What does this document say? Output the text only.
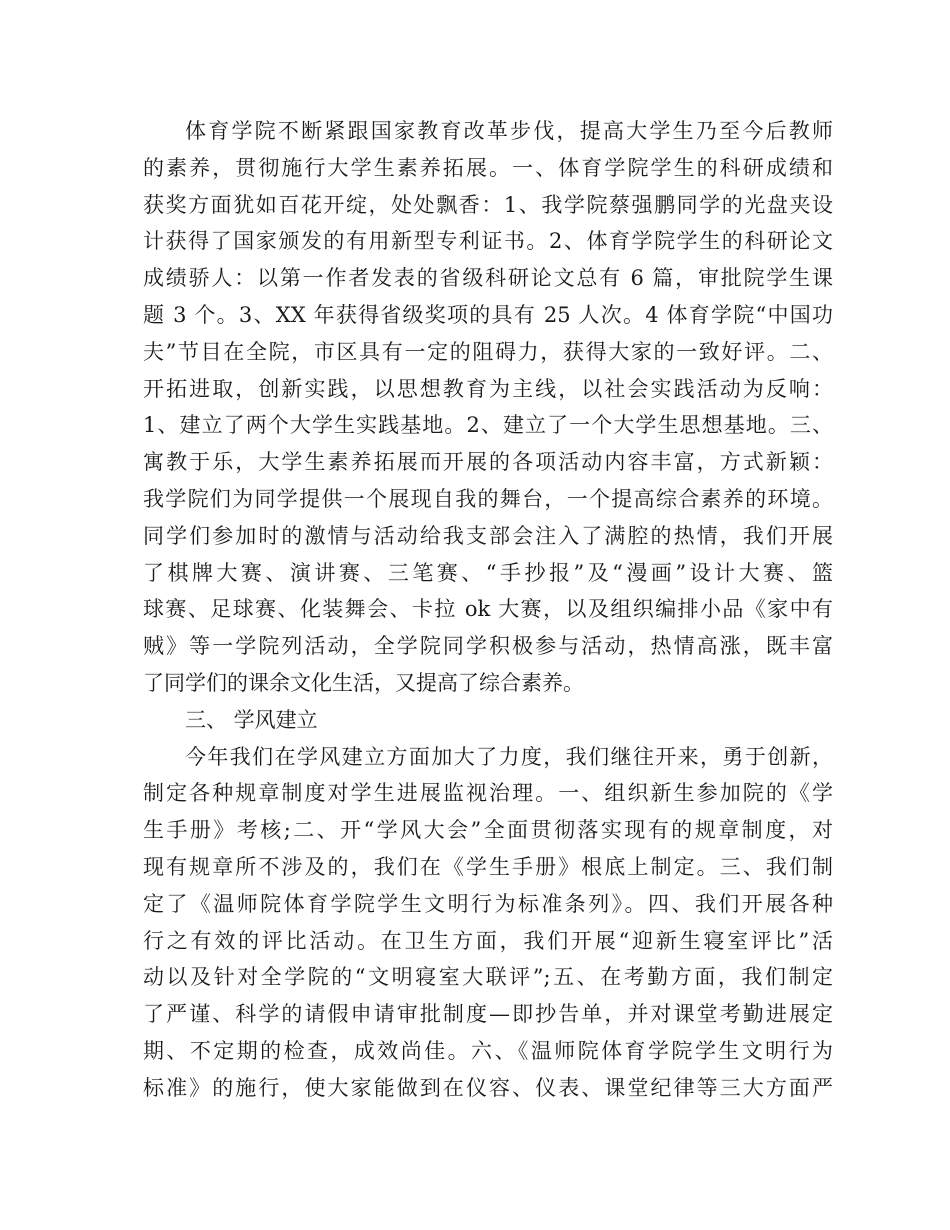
体育学院不断紧跟国家教育改革步伐，提高大学生乃至今后教师
的素养，贯彻施行大学生素养拓展。一、体育学院学生的科研成绩和
获奖方面犹如百花开绽，处处飘香：1、我学院蔡强鹏同学的光盘夹设
计获得了国家颁发的有用新型专利证书。2、体育学院学生的科研论文
成绩骄人：以第一作者发表的省级科研论文总有 6 篇，审批院学生课
题 3 个。3、XX 年获得省级奖项的具有 25 人次。4 体育学院“中国功
夫”节目在全院，市区具有一定的阻碍力，获得大家的一致好评。二、
开拓进取，创新实践，以思想教育为主线，以社会实践活动为反响：
1、建立了两个大学生实践基地。2、建立了一个大学生思想基地。三、
寓教于乐，大学生素养拓展而开展的各项活动内容丰富，方式新颖：
我学院们为同学提供一个展现自我的舞台，一个提高综合素养的环境。
同学们参加时的激情与活动给我支部会注入了满腔的热情，我们开展
了棋牌大赛、演讲赛、三笔赛、“手抄报”及“漫画”设计大赛、篮
球赛、足球赛、化装舞会、卡拉 ok 大赛，以及组织编排小品《家中有
贼》等一学院列活动，全学院同学积极参与活动，热情高涨，既丰富
了同学们的课余文化生活，又提高了综合素养。
三、 学风建立
今年我们在学风建立方面加大了力度，我们继往开来，勇于创新，
制定各种规章制度对学生进展监视治理。一、组织新生参加院的《学
生手册》考核;二、开“学风大会”全面贯彻落实现有的规章制度，对
现有规章所不涉及的，我们在《学生手册》根底上制定。三、我们制
定了《温师院体育学院学生文明行为标准条列》。四、我们开展各种
行之有效的评比活动。在卫生方面，我们开展“迎新生寝室评比”活
动以及针对全学院的“文明寝室大联评”;五、在考勤方面，我们制定
了严谨、科学的请假申请审批制度—即抄告单，并对课堂考勤进展定
期、不定期的检查，成效尚佳。六、《温师院体育学院学生文明行为
标准》的施行，使大家能做到在仪容、仪表、课堂纪律等三大方面严
